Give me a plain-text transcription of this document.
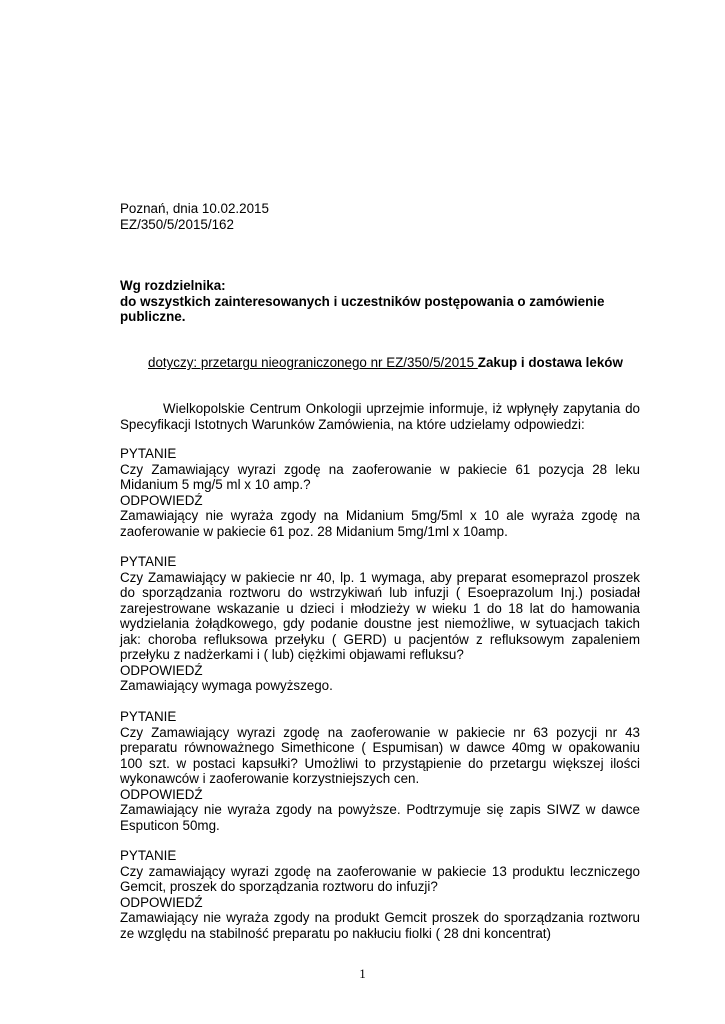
Poznań, dnia 10.02.2015
EZ/350/5/2015/162
Wg rozdzielnika:
do wszystkich zainteresowanych i uczestników postępowania o zamówienie
publiczne.
dotyczy: przetargu nieograniczonego nr EZ/350/5/2015 Zakup i dostawa leków
Wielkopolskie Centrum Onkologii uprzejmie informuje, iż wpłynęły zapytania do
Specyfikacji Istotnych Warunków Zamówienia, na które udzielamy odpowiedzi:
PYTANIE
Czy Zamawiający wyrazi zgodę na zaoferowanie w pakiecie 61 pozycja 28 leku
Midanium 5 mg/5 ml x 10 amp.?
ODPOWIEDŹ
Zamawiający nie wyraża zgody na Midanium 5mg/5ml x 10 ale wyraża zgodę na
zaoferowanie w pakiecie 61 poz. 28 Midanium 5mg/1ml x 10amp.
PYTANIE
Czy Zamawiający w pakiecie nr 40, lp. 1 wymaga, aby preparat esomeprazol proszek
do sporządzania roztworu do wstrzykiwań lub infuzji ( Esoeprazolum Inj.) posiadał
zarejestrowane wskazanie u dzieci i młodzieży w wieku 1 do 18 lat do hamowania
wydzielania żołądkowego, gdy podanie doustne jest niemożliwe, w sytuacjach takich
jak: choroba refluksowa przełyku ( GERD) u pacjentów z refluksowym zapaleniem
przełyku z nadżerkami i ( lub) ciężkimi objawami refluksu?
ODPOWIEDŹ
Zamawiający wymaga powyższego.
PYTANIE
Czy Zamawiający wyrazi zgodę na zaoferowanie w pakiecie nr 63 pozycji nr 43
preparatu równoważnego Simethicone ( Espumisan) w dawce 40mg w opakowaniu
100 szt. w postaci kapsułki? Umożliwi to przystąpienie do przetargu większej ilości
wykonawców i zaoferowanie korzystniejszych cen.
ODPOWIEDŹ
Zamawiający nie wyraża zgody na powyższe. Podtrzymuje się zapis SIWZ w dawce
Esputicon 50mg.
PYTANIE
Czy zamawiający wyrazi zgodę na zaoferowanie w pakiecie 13 produktu leczniczego
Gemcit, proszek do sporządzania roztworu do infuzji?
ODPOWIEDŹ
Zamawiający nie wyraża zgody na produkt Gemcit proszek do sporządzania roztworu
ze względu na stabilność preparatu po nakłuciu fiolki ( 28 dni koncentrat)
1
